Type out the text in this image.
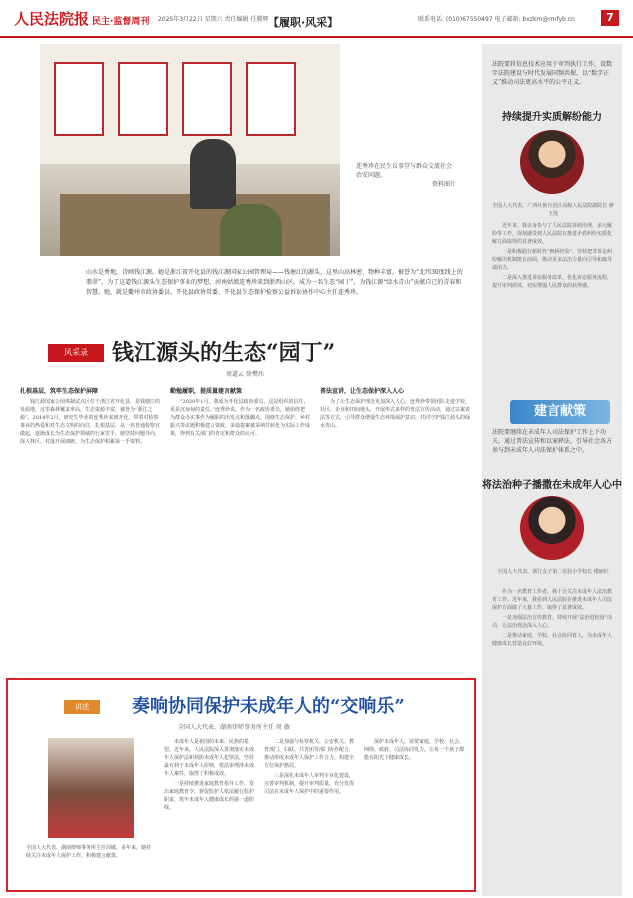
人民法院报 民主·监督周刊 2025年3月22日 星期六 责任编辑 任腾辉 【履职·风采】	联系电话: (010)67550497 电子邮箱: bxzkm@rmfyb.cn	7
连秀珍在民生议事堂与群众交流社会治安问题。
资料图片
山水是秀地，诗画钱江源。她是浙江省开化县的钱江源国家公园管理局——钱塘江的源头，这里山高林密、物种丰富，被誉为“北纬30度线上的翡翠”。为了这道钱江源头生态保护事业的梦想，河南姑娘连秀珍来到浙西山区，成为一名生态“园丁”，为钱江源“绿水青山”贡献自己的青春和智慧。她，就是衢州市政协委员、开化县政协常委、开化县生态保护检察公益诉讼协作中心主任连秀珍。
风采录	钱江源头的生态“园丁”
周道云 徐樊玮
扎根基层，筑牢生态保护屏障

钱江源国家公园体制试点区位于浙江省开化县，是钱塘江的发源地，这里森林覆盖率高，生态资源丰富，被誉为“浙江之源”。2014年2月，研究生毕业的连秀珍来到开化，带着对检察事业的热爱和对生态文明的向往，扎根基层，从一名普通检察官做起，逐渐成长为生态保护领域的行家里手。她坚持问题导向，深入林区、村落开展调研，为生态保护积累第一手资料。

勤勉履职，提质量建言献策

“2020年1月，我成为开化县政协委员，这是组织的信任，更是沉甸甸的责任。”连秀珍说。作为一名政协委员，她始终把为群众办实事作为履职的出发点和落脚点，围绕生态保护、乡村振兴等议题积极建言资政，多篇提案被采纳并转化为实际工作成果，得到有关部门的肯定和群众的认可。

普法宣讲，让生态保护深入人心

为了让生态保护理念更加深入人心，连秀珍带领团队走进学校、社区、企业和田间地头，开展形式多样的普法宣传活动，通过以案说法等方式，引导群众增强生态环境保护意识，共同守护钱江源头的绿水青山。

法院要将信息技术应用于审判执行工作，设数字法院建设与时代发展同频共振，以“数字正义”推动司法更高水平的公平正义。
持续提升实质解纷能力
全国人大代表、广西壮族自治区高级人民法院副院长 廖玉莲

近年来，我亲身参与了人民法院诉源治理、多元解纷等工作，深刻感受到人民法院在推进矛盾纠纷实质化解方面取得的显著成效。

一是积极践行新时代“枫桥经验”，坚持把非诉讼纠纷解决机制挺在前面，推动更多法治力量向引导和疏导端用力。

二是深入推进诉讼服务改革，优化诉讼服务流程，提升审判质效，切实增强人民群众的获得感。

法院要继续在未成年人司法保护工作上下功夫，通过普法宣传和以案释法，引导社会各方参与到未成年人司法保护体系之中。
将法治种子播撒在未成年人心中
全国人大代表、浙江女子第二实验小学校长 楼丽红

作为一名教育工作者，我十分关注未成年人法治教育工作。近年来，我看到人民法院在推进未成年人司法保护方面做了大量工作，取得了显著成效。

一是加强法治宣传教育，持续开展“法治进校园”活动，让法治观念深入人心。

二是推动家庭、学校、社会协同育人，为未成年人健康成长营造良好环境。

建言献策
讲述	奏响协同保护未成年人的“交响乐”
全国人大代表、湖南律师事务所主任 周 敏
全国人大代表、湖南律师事务所主任周敏。多年来，她持续关注未成年人保护工作，积极建言献策。

未成年人是祖国的未来、民族的希望。近年来，人民法院深入贯彻落实未成年人保护法和预防未成年人犯罪法，坚持最有利于未成年人原则，依法审理涉未成年人案件，取得了积极成效。

一是持续推进家庭教育指导工作，发出家庭教育令，督促监护人依法履行监护职责，筑牢未成年人健康成长的第一道防线。

二是加强与检察机关、公安机关、教育部门、妇联、共青团等部门协作配合，推动形成未成年人保护工作合力，构建全方位保护格局。

三是深化未成年人审判专业化建设，完善审判机制，提升审判质量，充分发挥司法在未成年人保护中的重要作用。

保护未成年人，需要家庭、学校、社会、网络、政府、司法协同发力，让每一个孩子都能在阳光下健康成长。
